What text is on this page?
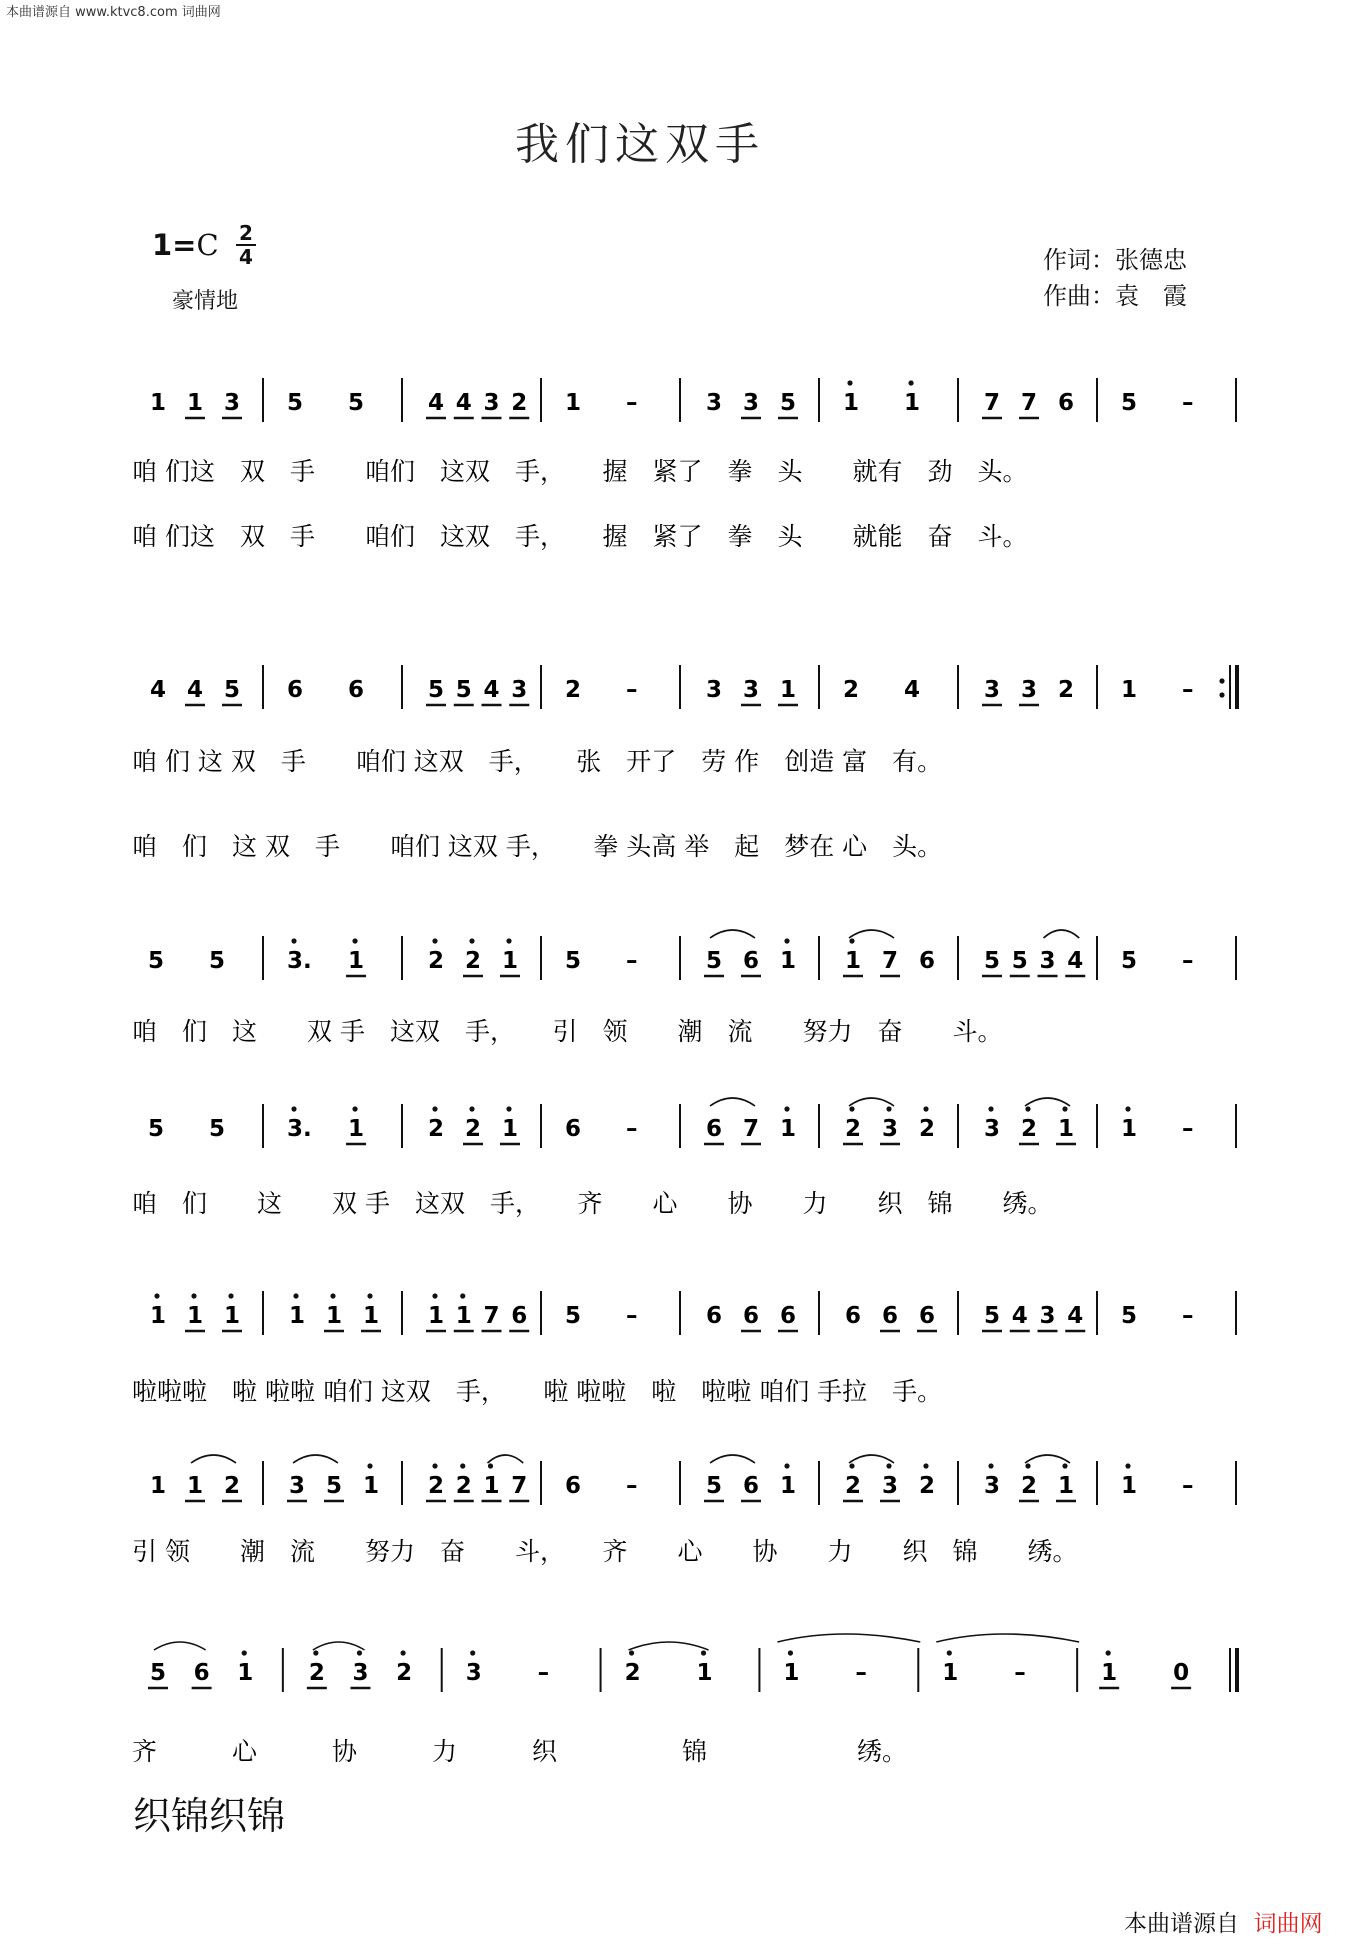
本曲谱源自 www.ktvc8.com 词曲网
我们这双手
1=C 2
4
豪情地
作词：张德忠
作曲：袁　霞
1 1 3 5 5	4 4 3 2 1 –	3 3 5 1 1	7 7 6 5 –
咱 们这　双　手　　咱们　这双　手，　　握　紧了　拳　头　　就有　劲　头。
咱 们这　双　手　　咱们　这双　手，　　握　紧了　拳　头　　就能　奋　斗。
4 4 5 6 6	5 5 4 3 2 –	3 3 1 2 4	3 3 2 1 –
咱 们 这 双　手　　咱们 这双　手，　　张　开了　劳 作　创造 富　有。
咱　们　这 双　手　　咱们 这双 手，　　拳 头高 举　起　梦在 心　头。
5 5	3. 1	2 2 1 5 –	5 6 1 1 7 6 5 5 3 4 5 –
咱　们　这　　双 手　这双　手，　　引　领　　潮　流　　努力　奋　　斗。
5 5	3. 1	2 2 1 6 –	6 7 1 2 3 2 3 2 1 1 –
咱　们　　这　　双 手　这双　手，　　齐　　心　　协　　力　　织　锦　　绣。
1 1 1 1 1 1 1 1 7 6 5 –	6 6 6 6 6 6 5 4 3 4 5 –
啦啦啦　啦 啦啦 咱们 这双　手，　　啦 啦啦　啦　啦啦 咱们 手拉　手。
1 1 2 3 5 1 2 2 1 7 6 –	5 6 1 2 3 2 3 2 1 1 –
引 领　　潮　流　　努力　奋　　斗，　　齐　　心　　协　　力　　织　锦　　绣。
5 6 1 2 3 2 3 –	2 1	1 –	1 –	1 0
齐　　　心　　　协　　　力　　　织　　　　　锦　　　　　　绣。
织锦织锦
本曲谱源自 词曲网
